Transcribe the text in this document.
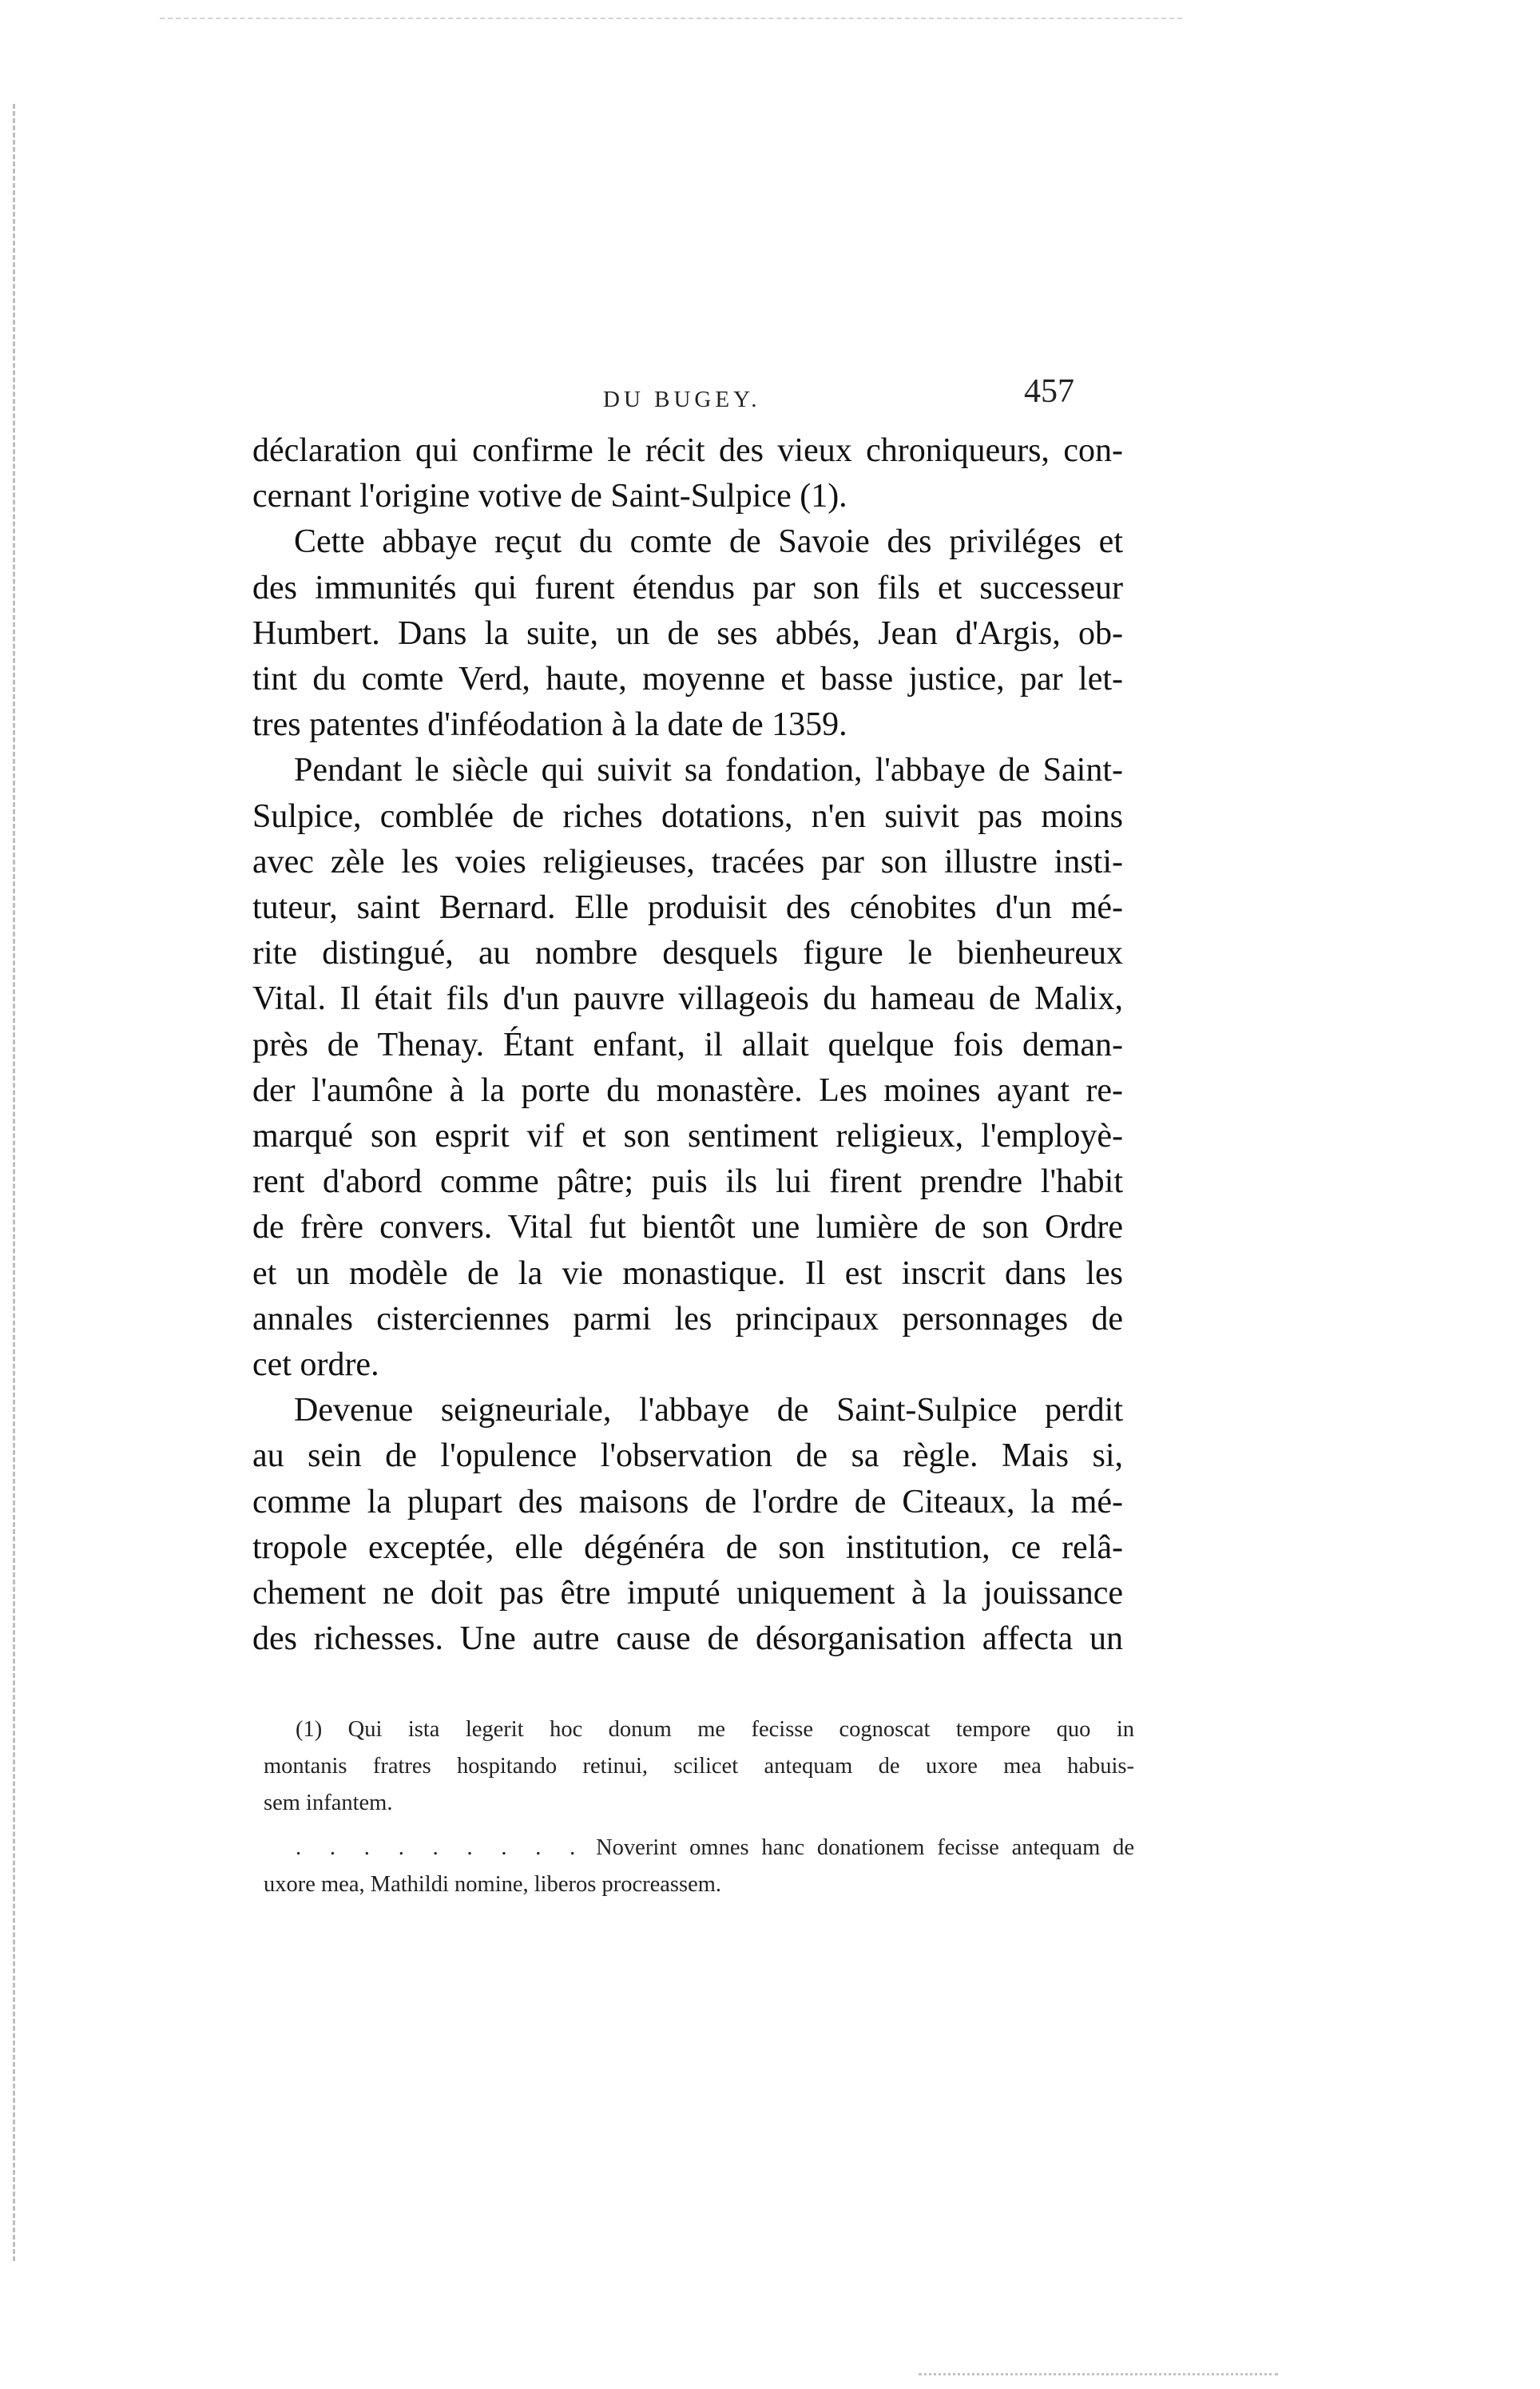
DU BUGEY.	457

déclaration qui confirme le récit des vieux chroniqueurs, con-
cernant l'origine votive de Saint-Sulpice (1).

Cette abbaye reçut du comte de Savoie des priviléges et

des immunités qui furent étendus par son fils et successeur
Humbert. Dans la suite, un de ses abbés, Jean d'Argis, ob-
tint du comte Verd, haute, moyenne et basse justice, par let-
tres patentes d'inféodation à la date de 1359.

Pendant le siècle qui suivit sa fondation, l'abbaye de Saint-

Sulpice, comblée de riches dotations, n'en suivit pas moins
avec zèle les voies religieuses, tracées par son illustre insti-
tuteur, saint Bernard. Elle produisit des cénobites d'un mé-
rite distingué, au nombre desquels figure le bienheureux
Vital. Il était fils d'un pauvre villageois du hameau de Malix,
près de Thenay. Étant enfant, il allait quelque fois deman-
der l'aumône à la porte du monastère. Les moines ayant re-
marqué son esprit vif et son sentiment religieux, l'employè-
rent d'abord comme pâtre; puis ils lui firent prendre l'habit
de frère convers. Vital fut bientôt une lumière de son Ordre
et un modèle de la vie monastique. Il est inscrit dans les
annales cisterciennes parmi les principaux personnages de
cet ordre.

Devenue seigneuriale, l'abbaye de Saint-Sulpice perdit

au sein de l'opulence l'observation de sa règle. Mais si,
comme la plupart des maisons de l'ordre de Citeaux, la mé-
tropole exceptée, elle dégénéra de son institution, ce relâ-
chement ne doit pas être imputé uniquement à la jouissance
des richesses. Une autre cause de désorganisation affecta un

(1) Qui ista legerit hoc donum me fecisse cognoscat tempore quo in
montanis fratres hospitando retinui, scilicet antequam de uxore mea habuis-
sem infantem.

. . . . . . . . . Noverint omnes hanc donationem fecisse antequam de
uxore mea, Mathildi nomine, liberos procreassem.
